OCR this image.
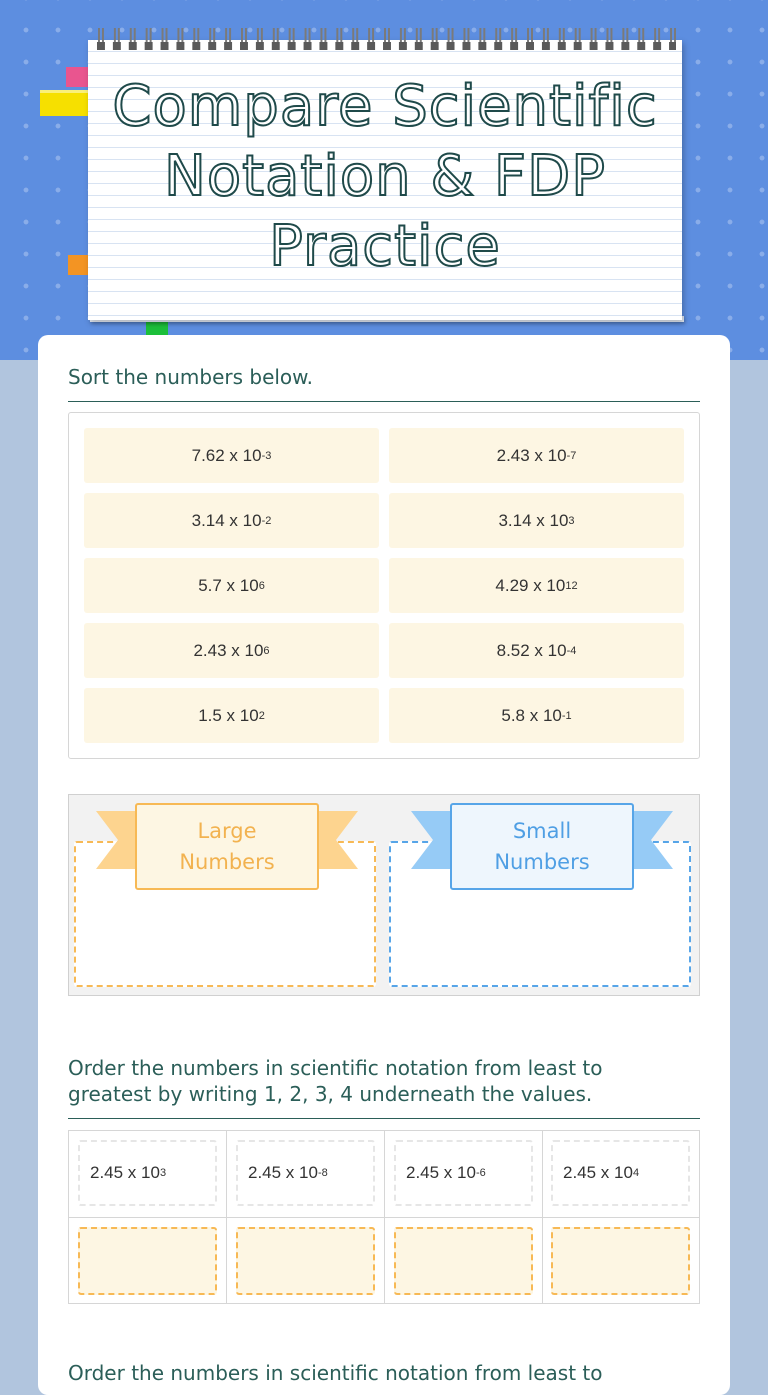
Compare Scientific Notation & FDP Practice

Sort the numbers below.

7.62 x 10 -3	2.43 x 10 -7
3.14 x 10 -2	3.14 x 10 3
5.7 x 10 6	4.29 x 10 12
2.43 x 10 6	8.52 x 10 -4
1.5 x 10 2	5.8 x 10 -1
Large
Numbers
Small
Numbers

Order the numbers in scientific notation from least to
greatest by writing 1, 2, 3, 4 underneath the values.

2.45 x 10 3	2.45 x 10 -8	2.45 x 10 -6	2.45 x 10 4

Order the numbers in scientific notation from least to
